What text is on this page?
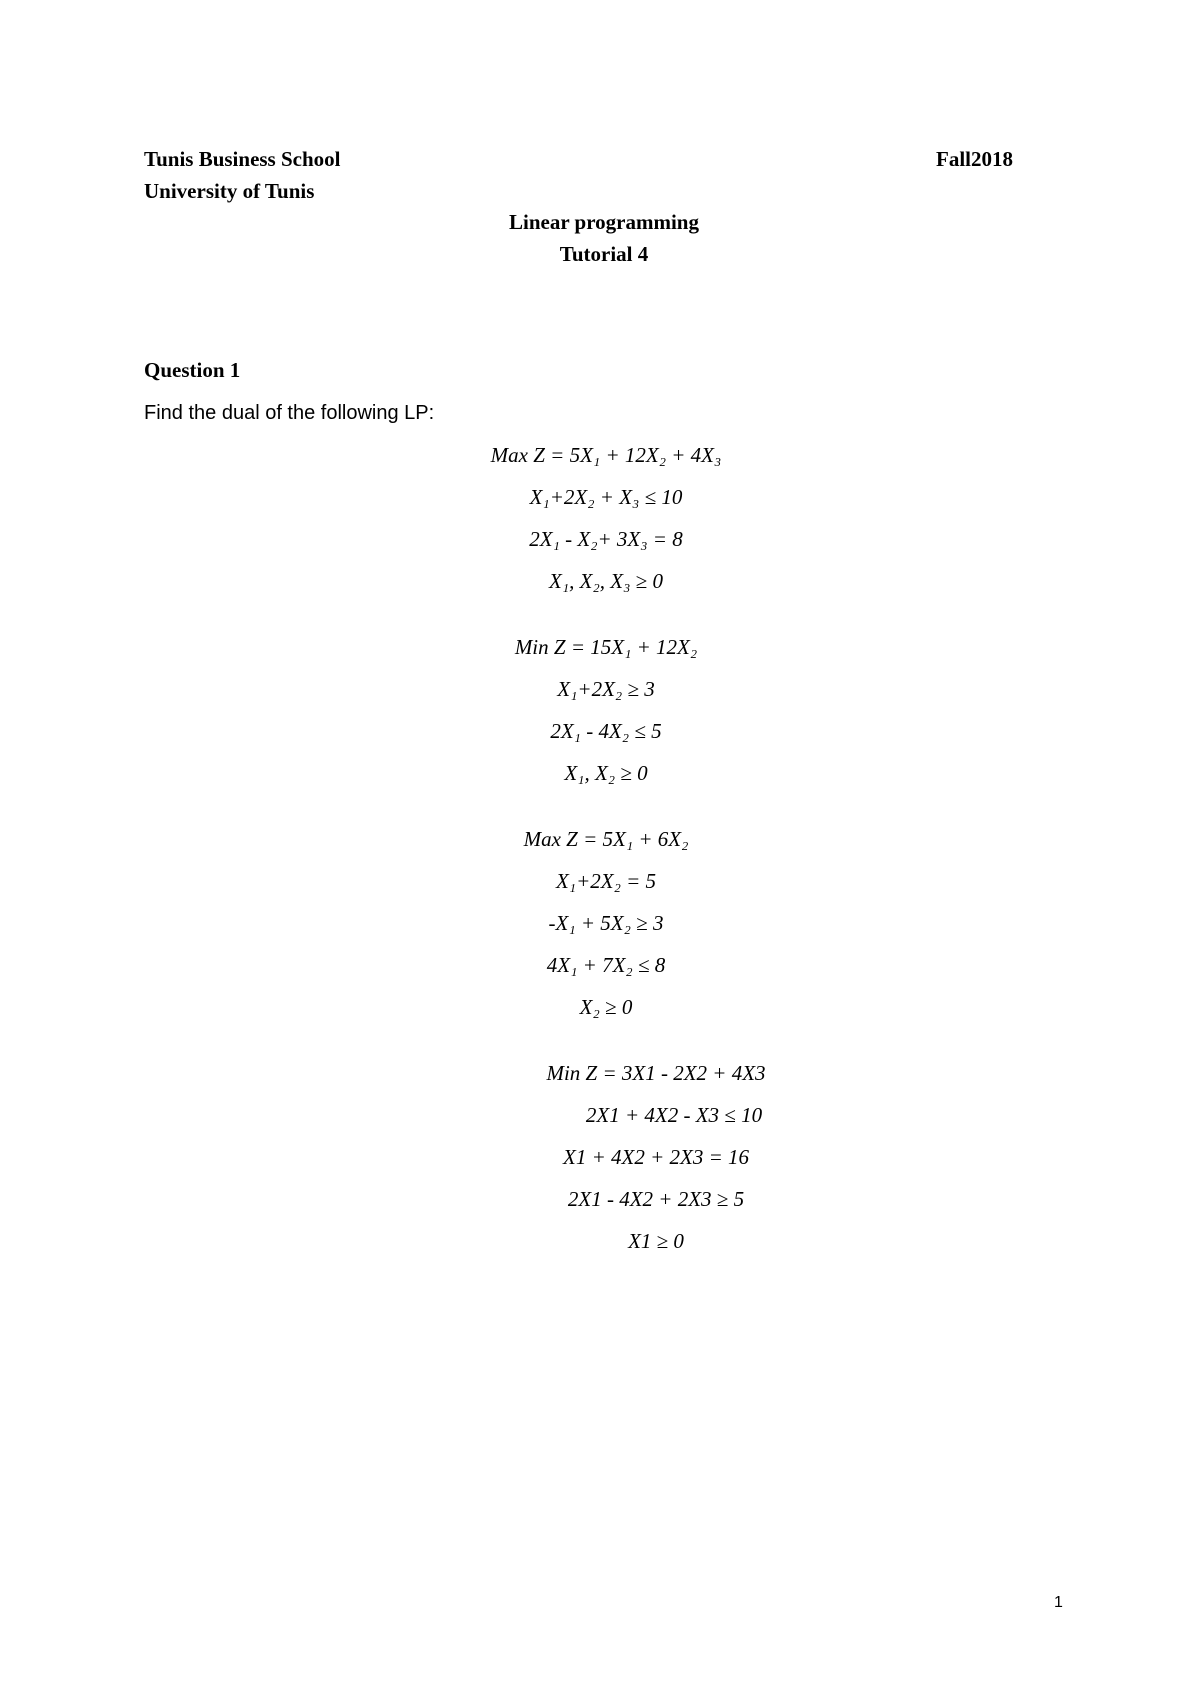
Tunis Business School
University of Tunis
Fall2018
Linear programming
Tutorial 4
Question 1
Find the dual of the following LP:
Max Z = 5X₁ + 12X₂ + 4X₃
X₁+2X₂ + X₃ ≤ 10
2X₁ - X₂+ 3X₃ = 8
X₁, X₂, X₃ ≥ 0
Min Z = 15X₁ + 12X₂
X₁+2X₂ ≥ 3
2X₁ - 4X₂ ≤ 5
X₁, X₂ ≥ 0
Max Z = 5X₁ + 6X₂
X₁+2X₂ = 5
-X₁ + 5X₂ ≥ 3
4X₁ + 7X₂ ≤ 8
X₂ ≥ 0
Min Z = 3X1 - 2X2 + 4X3
2X1 + 4X2 - X3 ≤ 10
X1 + 4X2 + 2X3 = 16
2X1 - 4X2 + 2X3 ≥ 5
X1 ≥ 0
1
